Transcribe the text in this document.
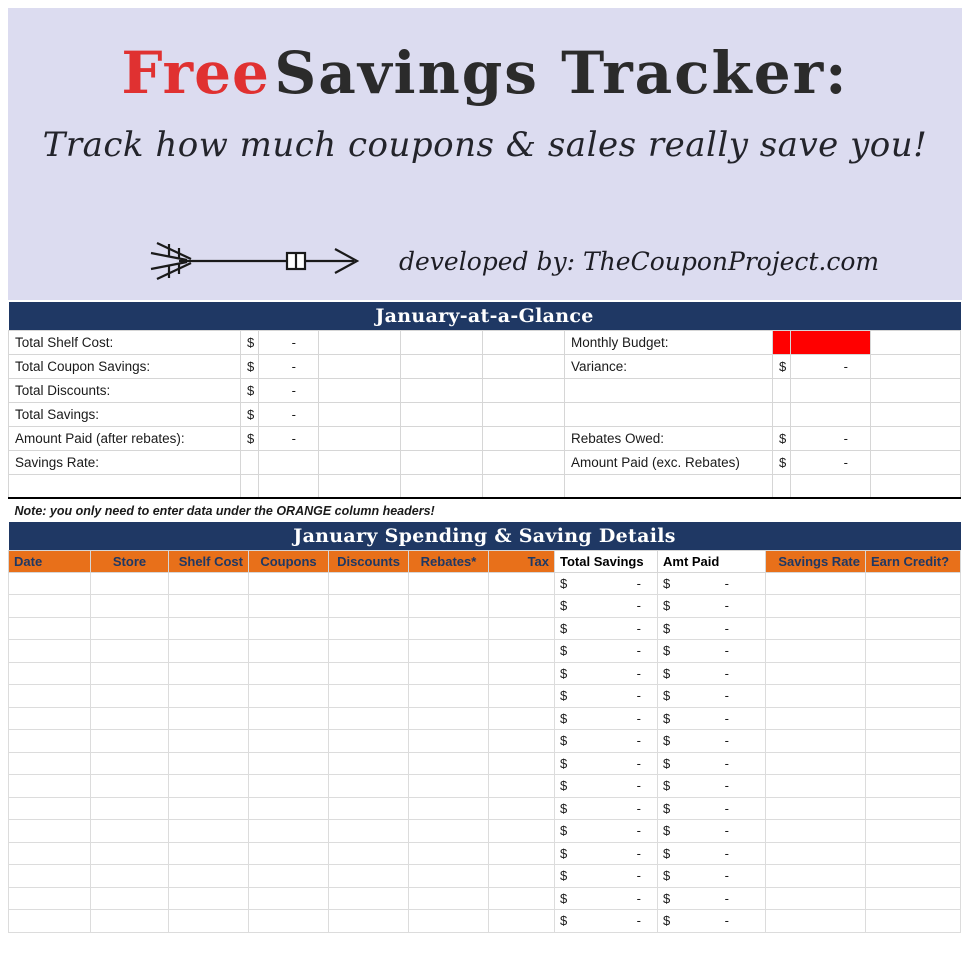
Free Savings Tracker:
Track how much coupons & sales really save you!
developed by: TheCouponProject.com
January-at-a-Glance									
Total Shelf Cost:	$	-				Monthly Budget:	$	-	
Total Coupon Savings:	$	-				Variance:	$	-	
Total Discounts:	$	-							
Total Savings:	$	-							
Amount Paid (after rebates):	$	-				Rebates Owed:	$	-	
Savings Rate:						Amount Paid (exc. Rebates)	$	-	

Note: you only need to enter data under the ORANGE column headers!									
January Spending & Saving Details										
Date	Store	Shelf Cost	Coupons	Discounts	Rebates*	Tax	Total Savings	Amt Paid	Savings Rate	Earn Credit?

							$ -	$ -		

							$ -	$ -		

							$ -	$ -		

							$ -	$ -		

							$ -	$ -		

							$ -	$ -		

							$ -	$ -		

							$ -	$ -		

							$ -	$ -		

							$ -	$ -		

							$ -	$ -		

							$ -	$ -		

							$ -	$ -		

							$ -	$ -		

							$ -	$ -		

							$ -	$ -		
